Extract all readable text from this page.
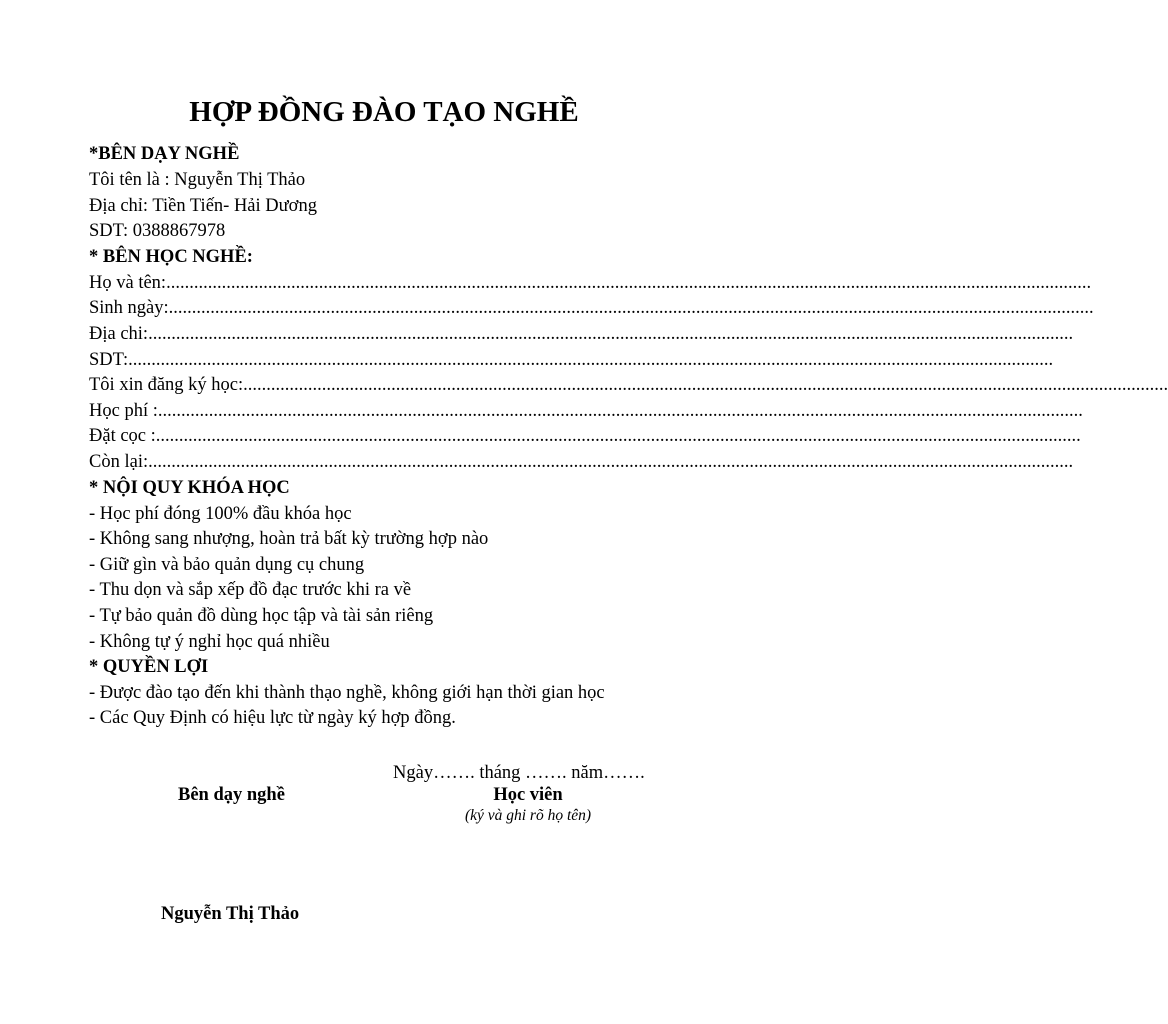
HỢP ĐỒNG ĐÀO TẠO NGHỀ
*BÊN DẠY NGHỀ
Tôi tên là : Nguyễn Thị Thảo
Địa chỉ: Tiền Tiến- Hải Dương
SDT: 0388867978
* BÊN HỌC NGHỀ:
Họ và tên: ........................................................................................................................................................................................................
Sinh ngày: ........................................................................................................................................................................................................
Địa chi: ........................................................................................................................................................................................................
SDT: ........................................................................................................................................................................................................
Tôi xin đăng ký học: ........................................................................................................................................................................................................
Học phí : ........................................................................................................................................................................................................
Đặt cọc : ........................................................................................................................................................................................................
Còn lại: ........................................................................................................................................................................................................
* NỘI QUY KHÓA HỌC
- Học phí đóng 100% đầu khóa học
- Không sang nhượng, hoàn trả bất kỳ trường hợp nào
- Giữ gìn và bảo quản dụng cụ chung
- Thu dọn và sắp xếp đồ đạc trước khi ra về
- Tự bảo quản đồ dùng học tập và tài sản riêng
- Không tự ý nghỉ học quá nhiều
* QUYỀN LỢI
- Được đào tạo đến khi thành thạo nghề, không giới hạn thời gian học
- Các Quy Định có hiệu lực từ ngày ký hợp đồng.
Ngày……. tháng ……. năm…….
Bên dạy nghề	Học viên
(ký và ghi rõ họ tên)
Nguyễn Thị Thảo
